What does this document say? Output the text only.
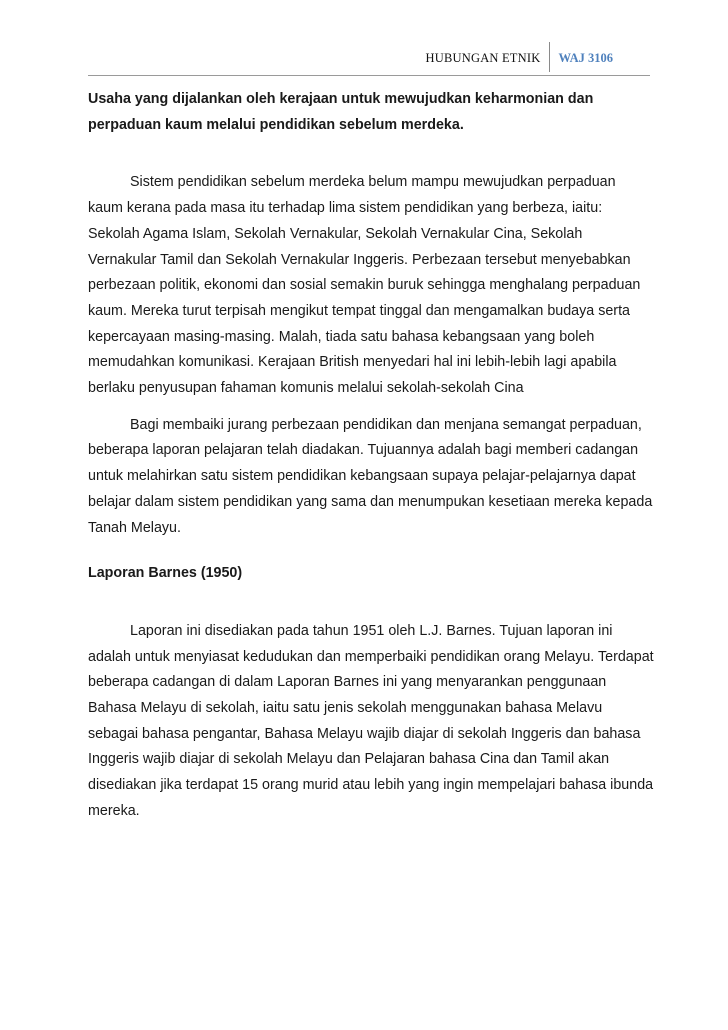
HUBUNGAN ETNIK	WAJ 3106

Usaha yang dijalankan oleh kerajaan untuk mewujudkan keharmonian dan perpaduan kaum melalui pendidikan sebelum merdeka.

Sistem pendidikan sebelum merdeka belum mampu mewujudkan perpaduan kaum kerana pada masa itu terhadap lima sistem pendidikan yang berbeza, iaitu: Sekolah Agama Islam, Sekolah Vernakular, Sekolah Vernakular Cina, Sekolah Vernakular Tamil dan Sekolah Vernakular Inggeris. Perbezaan tersebut menyebabkan perbezaan politik, ekonomi dan sosial semakin buruk sehingga menghalang perpaduan kaum. Mereka turut terpisah mengikut tempat tinggal dan mengamalkan budaya serta kepercayaan masing-masing. Malah, tiada satu bahasa kebangsaan yang boleh memudahkan komunikasi. Kerajaan British menyedari hal ini lebih-lebih lagi apabila berlaku penyusupan fahaman komunis melalui sekolah-sekolah Cina

Bagi membaiki jurang perbezaan pendidikan dan menjana semangat perpaduan, beberapa laporan pelajaran telah diadakan. Tujuannya adalah bagi memberi cadangan untuk melahirkan satu sistem pendidikan kebangsaan supaya pelajar-pelajarnya dapat belajar dalam sistem pendidikan yang sama dan menumpukan kesetiaan mereka kepada Tanah Melayu.

Laporan Barnes (1950)

Laporan ini disediakan pada tahun 1951 oleh L.J. Barnes. Tujuan laporan ini adalah untuk menyiasat kedudukan dan memperbaiki pendidikan orang Melayu. Terdapat beberapa cadangan di dalam Laporan Barnes ini yang menyarankan penggunaan Bahasa Melayu di sekolah, iaitu satu jenis sekolah menggunakan bahasa Melavu sebagai bahasa pengantar, Bahasa Melayu wajib diajar di sekolah Inggeris dan bahasa Inggeris wajib diajar di sekolah Melayu dan Pelajaran bahasa Cina dan Tamil akan disediakan jika terdapat 15 orang murid atau lebih yang ingin mempelajari bahasa ibunda mereka.
